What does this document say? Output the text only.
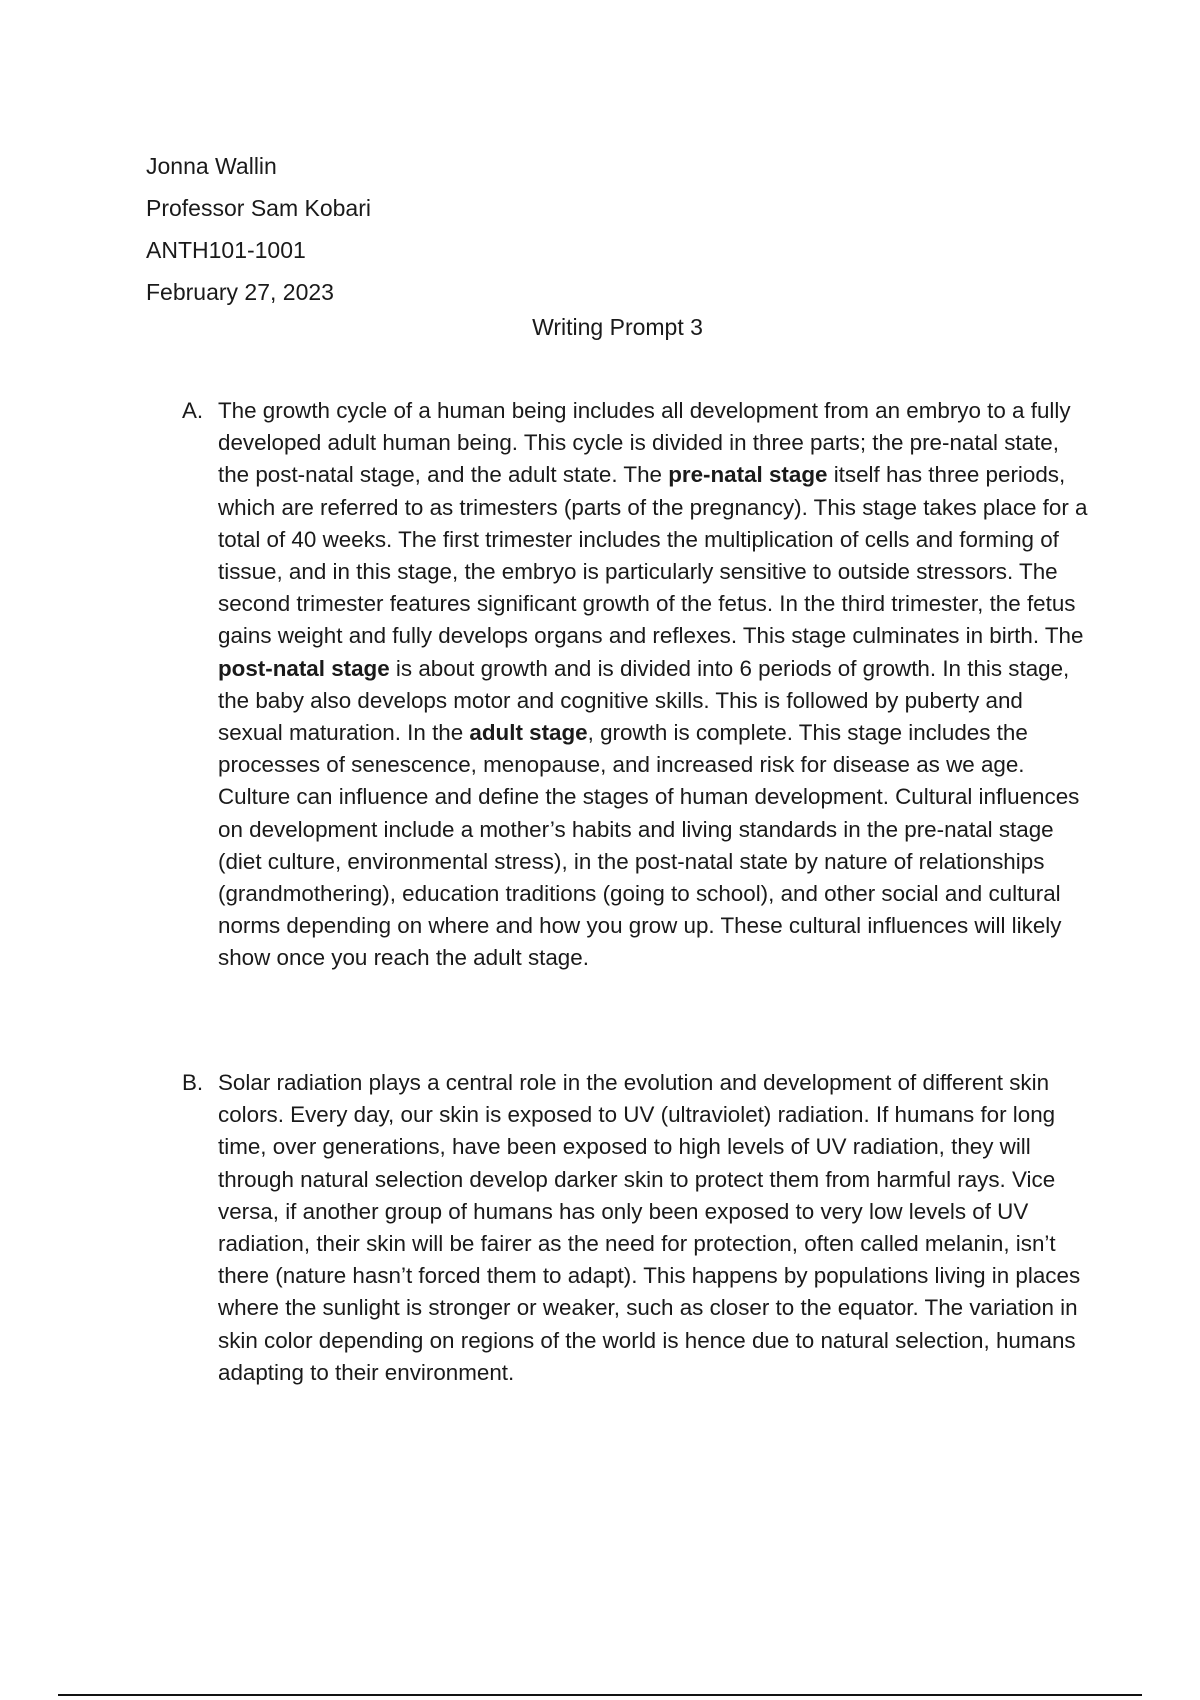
Jonna Wallin
Professor Sam Kobari
ANTH101-1001
February 27, 2023
Writing Prompt 3
A. The growth cycle of a human being includes all development from an embryo to a fully developed adult human being. This cycle is divided in three parts; the pre-natal state, the post-natal stage, and the adult state. The pre-natal stage itself has three periods, which are referred to as trimesters (parts of the pregnancy). This stage takes place for a total of 40 weeks. The first trimester includes the multiplication of cells and forming of tissue, and in this stage, the embryo is particularly sensitive to outside stressors. The second trimester features significant growth of the fetus. In the third trimester, the fetus gains weight and fully develops organs and reflexes. This stage culminates in birth. The post-natal stage is about growth and is divided into 6 periods of growth. In this stage, the baby also develops motor and cognitive skills. This is followed by puberty and sexual maturation. In the adult stage, growth is complete. This stage includes the processes of senescence, menopause, and increased risk for disease as we age.

Culture can influence and define the stages of human development. Cultural influences on development include a mother’s habits and living standards in the pre-natal stage (diet culture, environmental stress), in the post-natal state by nature of relationships (grandmothering), education traditions (going to school), and other social and cultural norms depending on where and how you grow up. These cultural influences will likely show once you reach the adult stage.

B. Solar radiation plays a central role in the evolution and development of different skin colors. Every day, our skin is exposed to UV (ultraviolet) radiation. If humans for long time, over generations, have been exposed to high levels of UV radiation, they will through natural selection develop darker skin to protect them from harmful rays. Vice versa, if another group of humans has only been exposed to very low levels of UV radiation, their skin will be fairer as the need for protection, often called melanin, isn’t there (nature hasn’t forced them to adapt). This happens by populations living in places where the sunlight is stronger or weaker, such as closer to the equator. The variation in skin color depending on regions of the world is hence due to natural selection, humans adapting to their environment.
